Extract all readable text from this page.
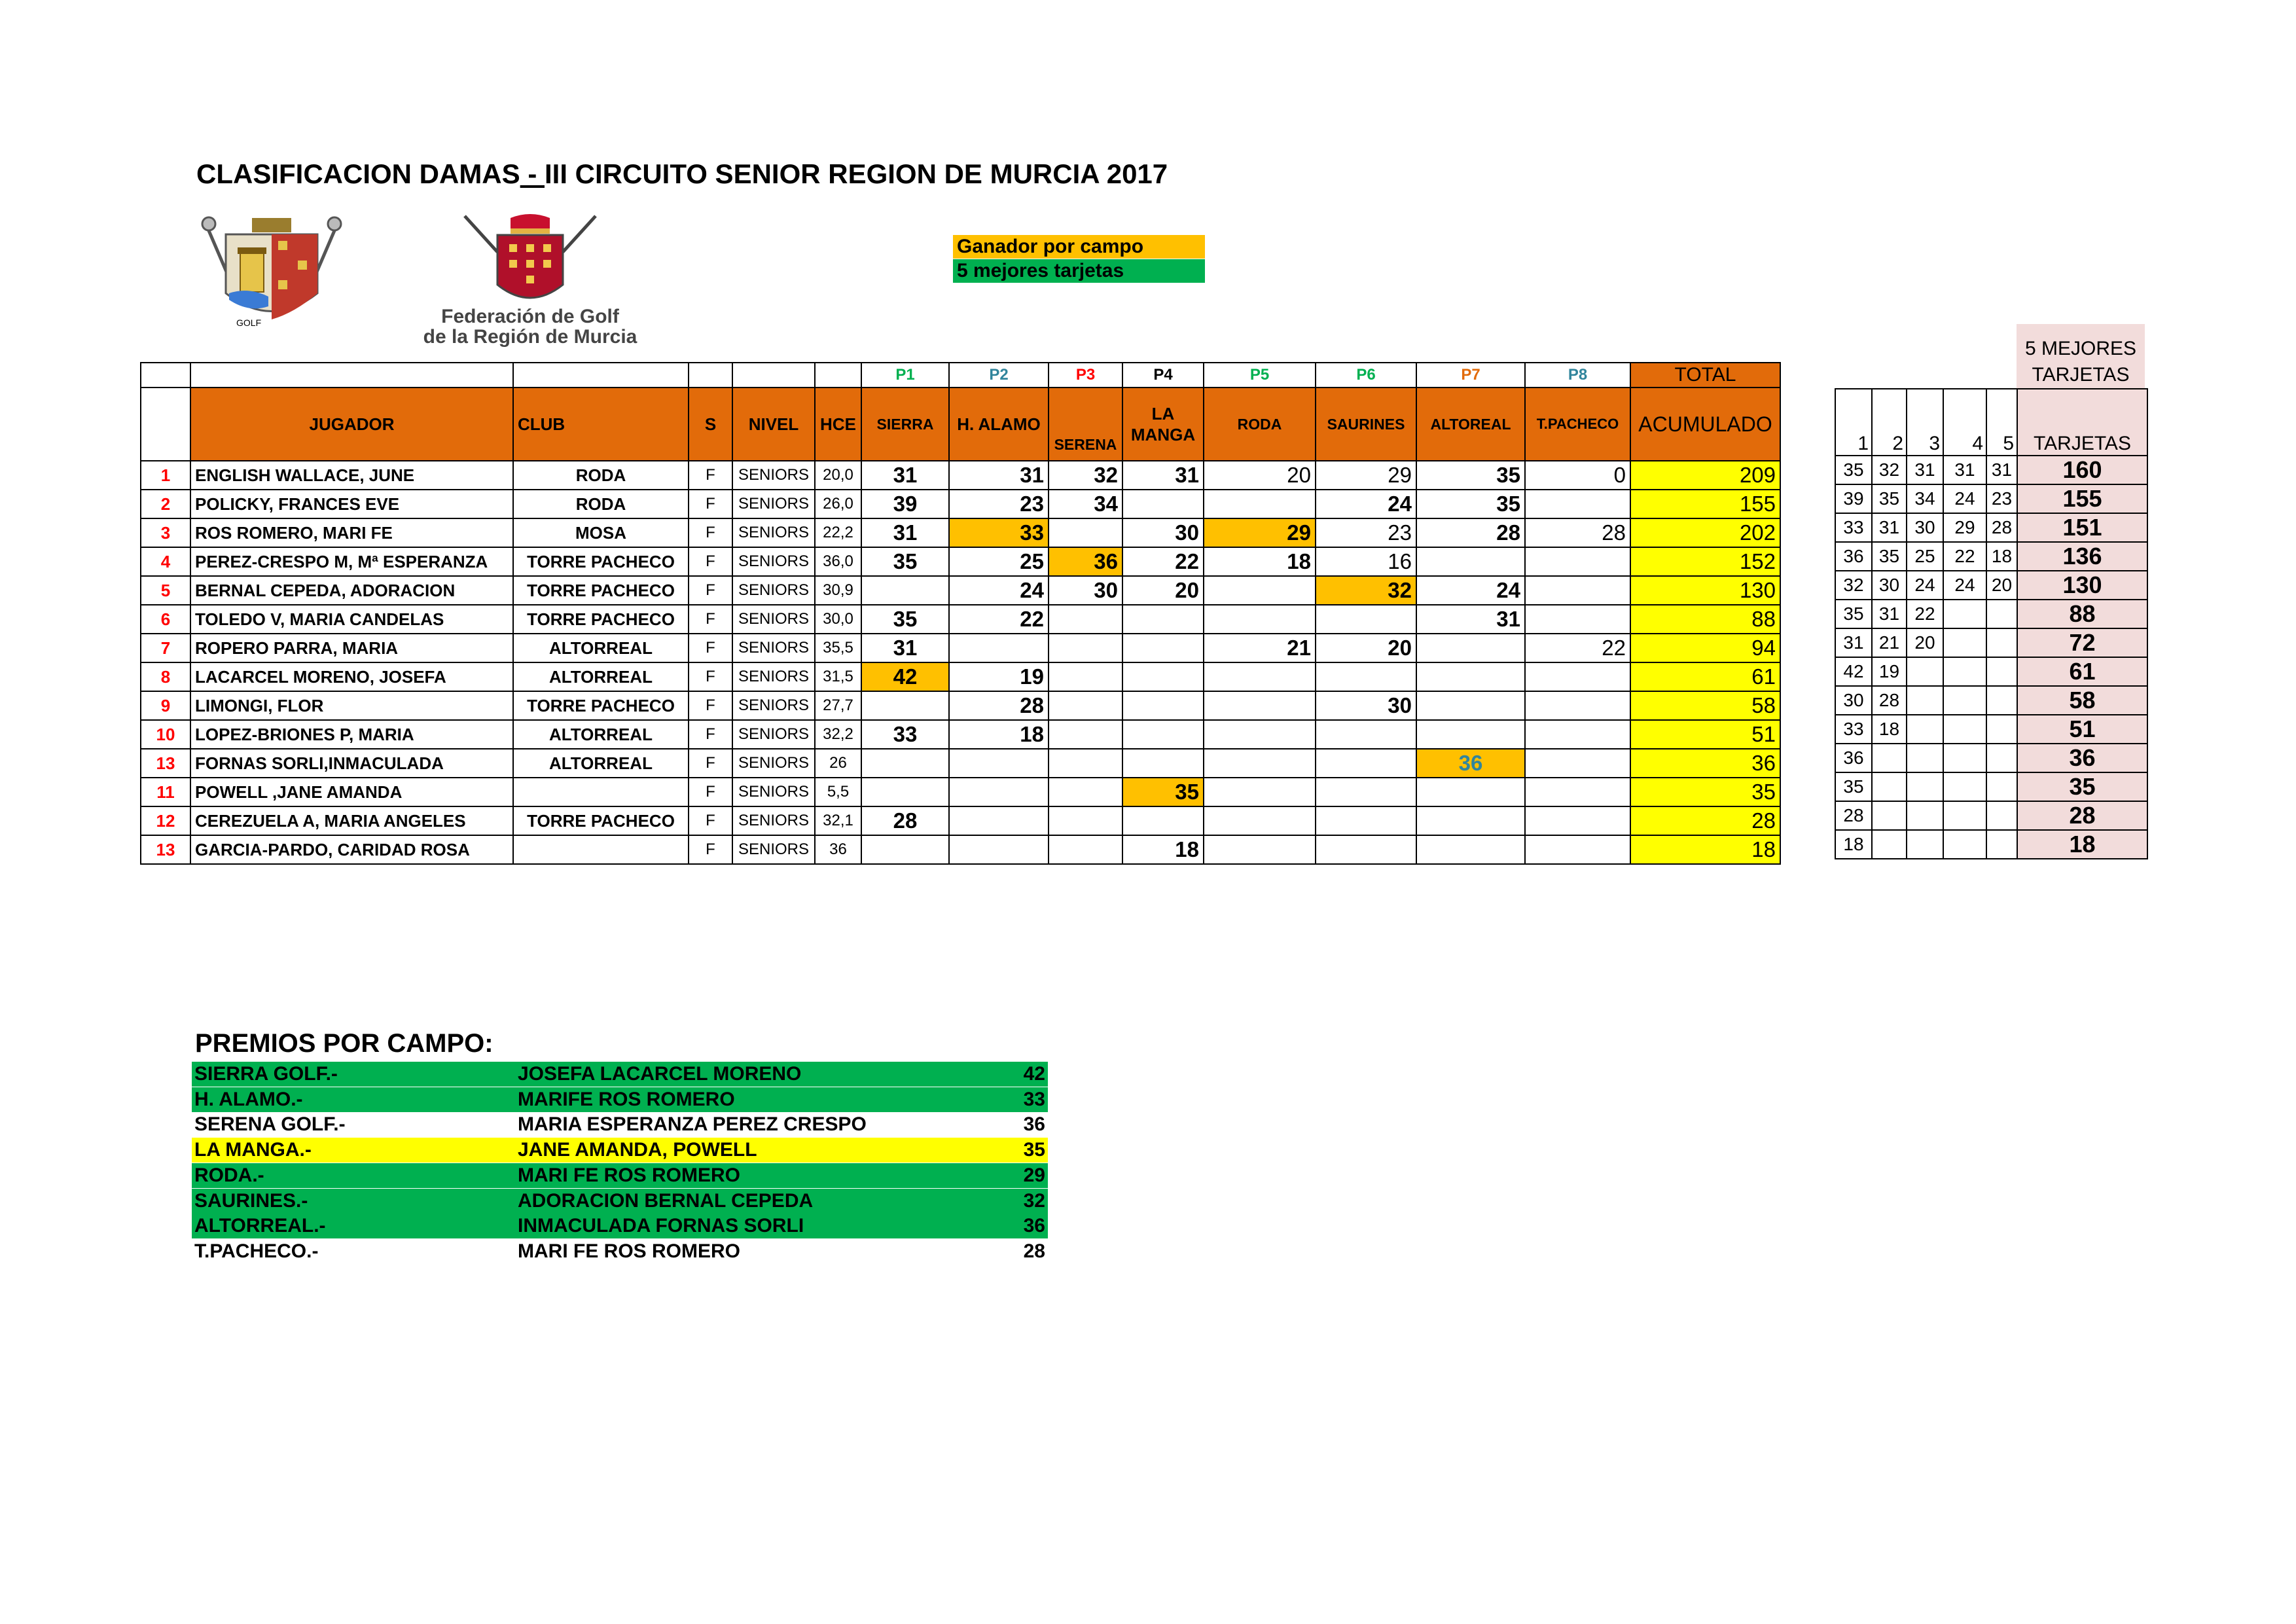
CLASIFICACION DAMAS - III CIRCUITO SENIOR REGION DE MURCIA 2017
GOLF	Federación de Golf
de la Región de Murcia
Ganador por campo
5 mejores tarjetas
						P1	P2	P3	P4	P5	P6	P7	P8	TOTAL
	JUGADOR	CLUB	S	NIVEL	HCE	SIERRA	H. ALAMO	SERENA	LA MANGA	RODA	SAURINES	ALTOREAL	T.PACHECO	ACUMULADO
1	ENGLISH WALLACE, JUNE	RODA	F	SENIORS	20,0	31	31	32	31	20	29	35	0	209
2	POLICKY, FRANCES EVE	RODA	F	SENIORS	26,0	39	23	34			24	35		155
3	ROS ROMERO, MARI FE	MOSA	F	SENIORS	22,2	31	33		30	29	23	28	28	202
4	PEREZ-CRESPO M, Mª ESPERANZA	TORRE PACHECO	F	SENIORS	36,0	35	25	36	22	18	16			152
5	BERNAL CEPEDA, ADORACION	TORRE PACHECO	F	SENIORS	30,9		24	30	20		32	24		130
6	TOLEDO V, MARIA CANDELAS	TORRE PACHECO	F	SENIORS	30,0	35	22					31		88
7	ROPERO PARRA, MARIA	ALTORREAL	F	SENIORS	35,5	31				21	20		22	94
8	LACARCEL MORENO, JOSEFA	ALTORREAL	F	SENIORS	31,5	42	19							61
9	LIMONGI, FLOR	TORRE PACHECO	F	SENIORS	27,7		28				30			58
10	LOPEZ-BRIONES P, MARIA	ALTORREAL	F	SENIORS	32,2	33	18							51
13	FORNAS SORLI,INMACULADA	ALTORREAL	F	SENIORS	26							36		36
11	POWELL ,JANE AMANDA		F	SENIORS	5,5				35					35
12	CEREZUELA A, MARIA ANGELES	TORRE PACHECO	F	SENIORS	32,1	28								28
13	GARCIA-PARDO, CARIDAD ROSA		F	SENIORS	36				18					18
5 MEJORES
TARJETAS
1	2	3	4	5	TARJETAS
35	32	31	31	31	160
39	35	34	24	23	155
33	31	30	29	28	151
36	35	25	22	18	136
32	30	24	24	20	130
35	31	22			88
31	21	20			72
42	19				61
30	28				58
33	18				51
36					36
35					35
28					28
18					18
PREMIOS POR CAMPO:
SIERRA GOLF.-	JOSEFA LACARCEL MORENO	42
H. ALAMO.-	MARIFE ROS ROMERO	33
SERENA GOLF.-	MARIA ESPERANZA PEREZ CRESPO	36
LA MANGA.-	JANE AMANDA, POWELL	35
RODA.-	MARI FE ROS ROMERO	29
SAURINES.-	ADORACION BERNAL CEPEDA	32
ALTORREAL.-	INMACULADA FORNAS SORLI	36
T.PACHECO.-	MARI FE ROS ROMERO	28
